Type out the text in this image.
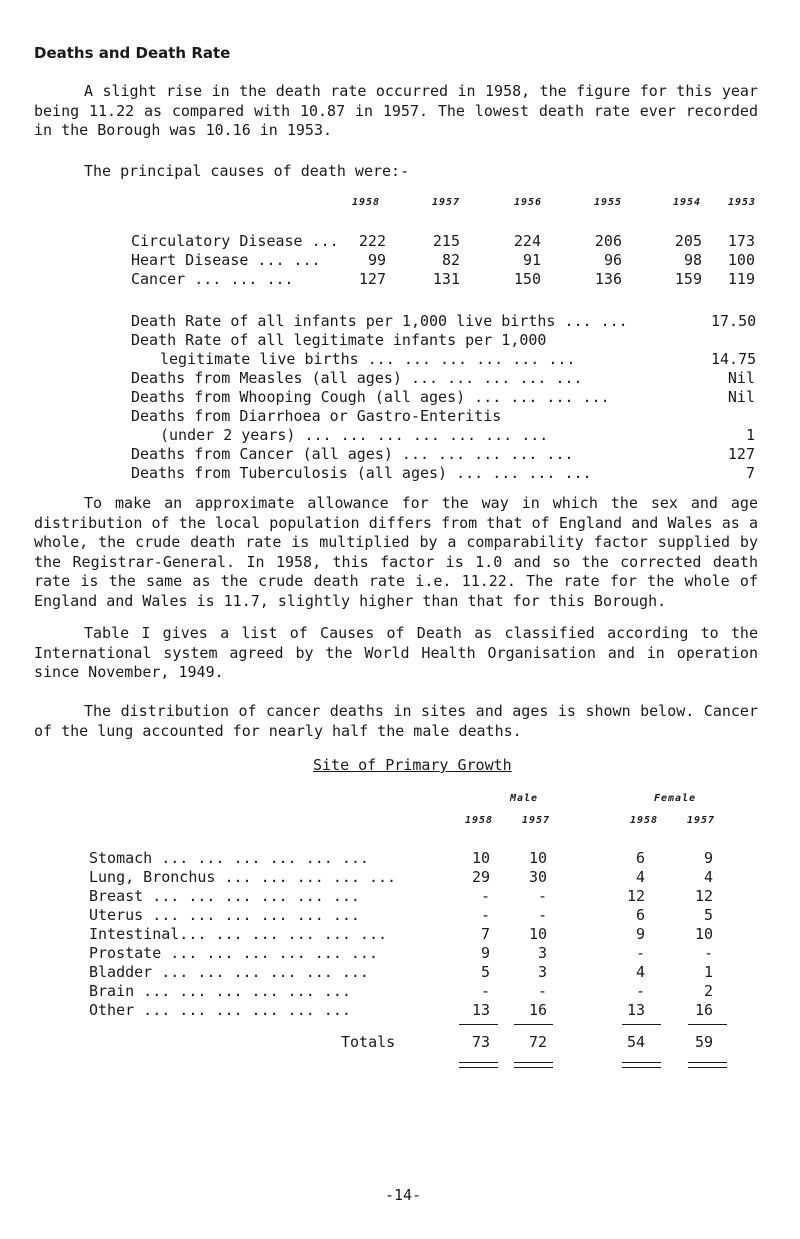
Deaths and Death Rate

A slight rise in the death rate occurred in 1958, the figure for this year being 11.22 as compared with 10.87 in 1957. The lowest death rate ever recorded in the Borough was 10.16 in 1953.

The principal causes of death were:-
1958	1957	1956	1955	1954	1953
Circulatory Disease ...	222	215	224	206	205	173
Heart Disease ... ...	99	82	91	96	98	100
Cancer ... ... ...	127	131	150	136	159	119
Death Rate of all infants per 1,000 live births ... ...	17.50
Death Rate of all legitimate infants per 1,000
legitimate live births ... ... ... ... ... ...	14.75
Deaths from Measles (all ages) ... ... ... ... ...	Nil
Deaths from Whooping Cough (all ages) ... ... ... ...	Nil
Deaths from Diarrhoea or Gastro-Enteritis
(under 2 years) ... ... ... ... ... ... ...	1
Deaths from Cancer (all ages) ... ... ... ... ...	127
Deaths from Tuberculosis (all ages) ... ... ... ...	7

To make an approximate allowance for the way in which the sex and age distribution of the local population differs from that of England and Wales as a whole, the crude death rate is multiplied by a comparability factor supplied by the Registrar-General. In 1958, this factor is 1.0 and so the corrected death rate is the same as the crude death rate i.e. 11.22. The rate for the whole of England and Wales is 11.7, slightly higher than that for this Borough.

Table I gives a list of Causes of Death as classified according to the International system agreed by the World Health Organisation and in operation since November, 1949.

The distribution of cancer deaths in sites and ages is shown below. Cancer of the lung accounted for nearly half the male deaths.

Site of Primary Growth
Male	Female
1958	1957	1958	1957
Stomach ... ... ... ... ... ...	10	10	6	9
Lung, Bronchus ... ... ... ... ...	29	30	4	4
Breast ... ... ... ... ... ...	-	-	12	12
Uterus ... ... ... ... ... ...	-	-	6	5
Intestinal... ... ... ... ... ...	7	10	9	10
Prostate ... ... ... ... ... ...	9	3	-	-
Bladder ... ... ... ... ... ...	5	3	4	1
Brain ... ... ... ... ... ...	-	-	-	2
Other ... ... ... ... ... ...	13	16	13	16
Totals	73	72	54	59
-14-
